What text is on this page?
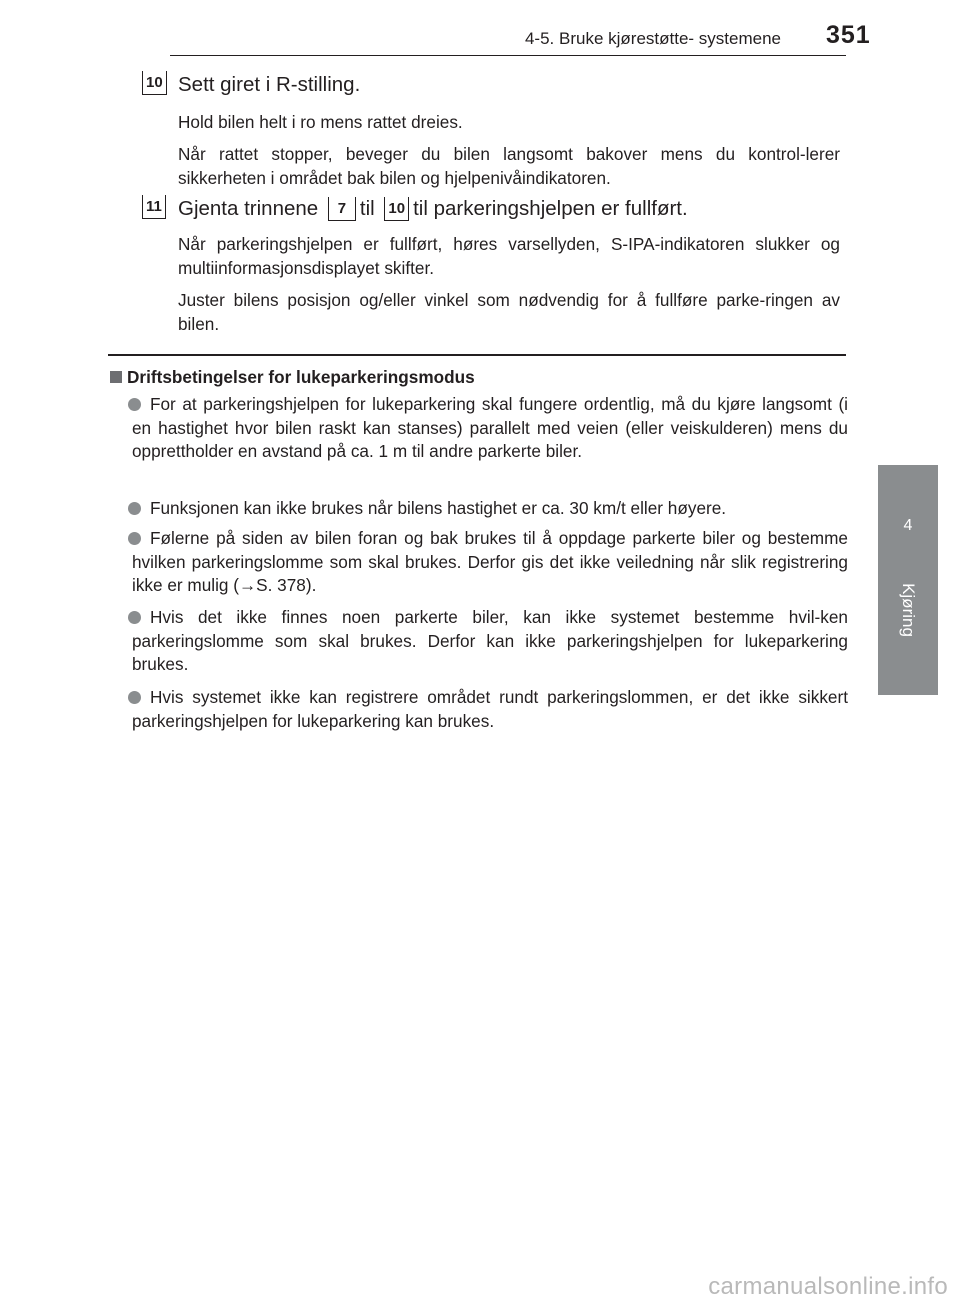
4-5. Bruke kjørestøtte- systemene 351
4
Kjøring
10 Sett giret i R-stilling.
Hold bilen helt i ro mens rattet dreies.
Når rattet stopper, beveger du bilen langsomt bakover mens du kontrol-lerer sikkerheten i området bak bilen og hjelpenivåindikatoren.
11 Gjenta trinnene 7 til 10 til parkeringshjelpen er fullført.
Når parkeringshjelpen er fullført, høres varsellyden, S-IPA-indikatoren slukker og multiinformasjonsdisplayet skifter.
Juster bilens posisjon og/eller vinkel som nødvendig for å fullføre parke-ringen av bilen.
Driftsbetingelser for lukeparkeringsmodus
For at parkeringshjelpen for lukeparkering skal fungere ordentlig, må du kjøre langsomt (i en hastighet hvor bilen raskt kan stanses) parallelt med veien (eller veiskulderen) mens du opprettholder en avstand på ca. 1 m til andre parkerte biler.
Funksjonen kan ikke brukes når bilens hastighet er ca. 30 km/t eller høyere.
Følerne på siden av bilen foran og bak brukes til å oppdage parkerte biler og bestemme hvilken parkeringslomme som skal brukes. Derfor gis det ikke veiledning når slik registrering ikke er mulig (→S. 378).
Hvis det ikke finnes noen parkerte biler, kan ikke systemet bestemme hvil-ken parkeringslomme som skal brukes. Derfor kan ikke parkeringshjelpen for lukeparkering brukes.
Hvis systemet ikke kan registrere området rundt parkeringslommen, er det ikke sikkert parkeringshjelpen for lukeparkering kan brukes.
carmanualsonline.info
